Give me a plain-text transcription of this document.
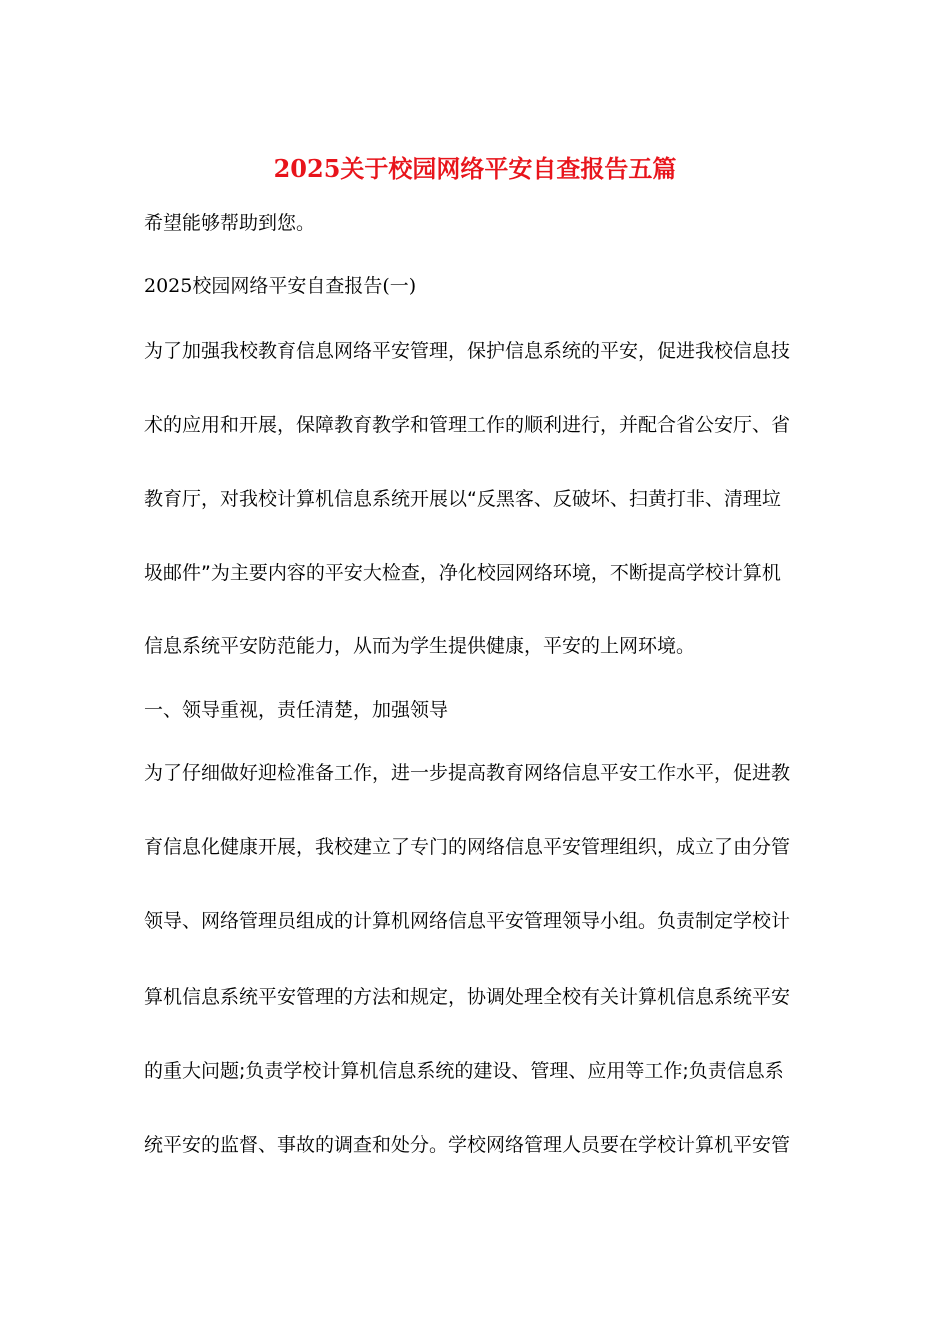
2025关于校园网络平安自查报告五篇
希望能够帮助到您。
2025校园网络平安自查报告(一)
为了加强我校教育信息网络平安管理，保护信息系统的平安，促进我校信息技
术的应用和开展，保障教育教学和管理工作的顺利进行，并配合省公安厅、省
教育厅，对我校计算机信息系统开展以“反黑客、反破坏、扫黄打非、清理垃
圾邮件”为主要内容的平安大检查，净化校园网络环境，不断提高学校计算机
信息系统平安防范能力，从而为学生提供健康，平安的上网环境。
一、领导重视，责任清楚，加强领导
为了仔细做好迎检准备工作，进一步提高教育网络信息平安工作水平，促进教
育信息化健康开展，我校建立了专门的网络信息平安管理组织，成立了由分管
领导、网络管理员组成的计算机网络信息平安管理领导小组。负责制定学校计
算机信息系统平安管理的方法和规定，协调处理全校有关计算机信息系统平安
的重大问题;负责学校计算机信息系统的建设、管理、应用等工作;负责信息系
统平安的监督、事故的调查和处分。学校网络管理人员要在学校计算机平安管
